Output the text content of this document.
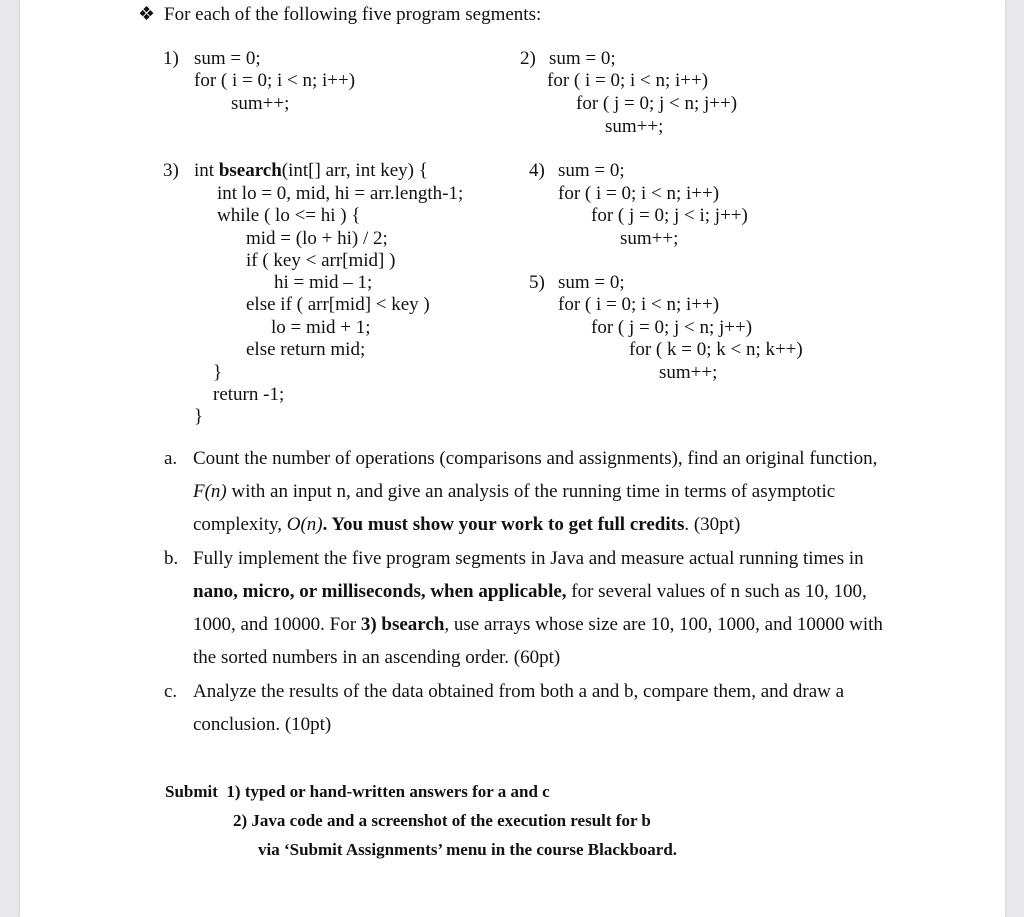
❖ For each of the following five program segments:
1) sum = 0;
for ( i = 0; i < n; i++)
sum++;
2) sum = 0;
for ( i = 0; i < n; i++)
for ( j = 0; j < n; j++)
sum++;
3) int bsearch(int[] arr, int key) {
int lo = 0, mid, hi = arr.length-1;
while ( lo <= hi ) {
mid = (lo + hi) / 2;
if ( key < arr[mid] )
hi = mid – 1;
else if ( arr[mid] < key )
lo = mid + 1;
else return mid;
}
return -1;
}
4) sum = 0;
for ( i = 0; i < n; i++)
for ( j = 0; j < i; j++)
sum++;
5) sum = 0;
for ( i = 0; i < n; i++)
for ( j = 0; j < n; j++)
for ( k = 0; k < n; k++)
sum++;
a. Count the number of operations (comparisons and assignments), find an original function, F(n) with an input n, and give an analysis of the running time in terms of asymptotic complexity, O(n). You must show your work to get full credits. (30pt)
b. Fully implement the five program segments in Java and measure actual running times in nano, micro, or milliseconds, when applicable, for several values of n such as 10, 100, 1000, and 10000. For 3) bsearch, use arrays whose size are 10, 100, 1000, and 10000 with the sorted numbers in an ascending order. (60pt)
c. Analyze the results of the data obtained from both a and b, compare them, and draw a conclusion. (10pt)
Submit  1) typed or hand-written answers for a and c
2) Java code and a screenshot of the execution result for b
via ‘Submit Assignments’ menu in the course Blackboard.
